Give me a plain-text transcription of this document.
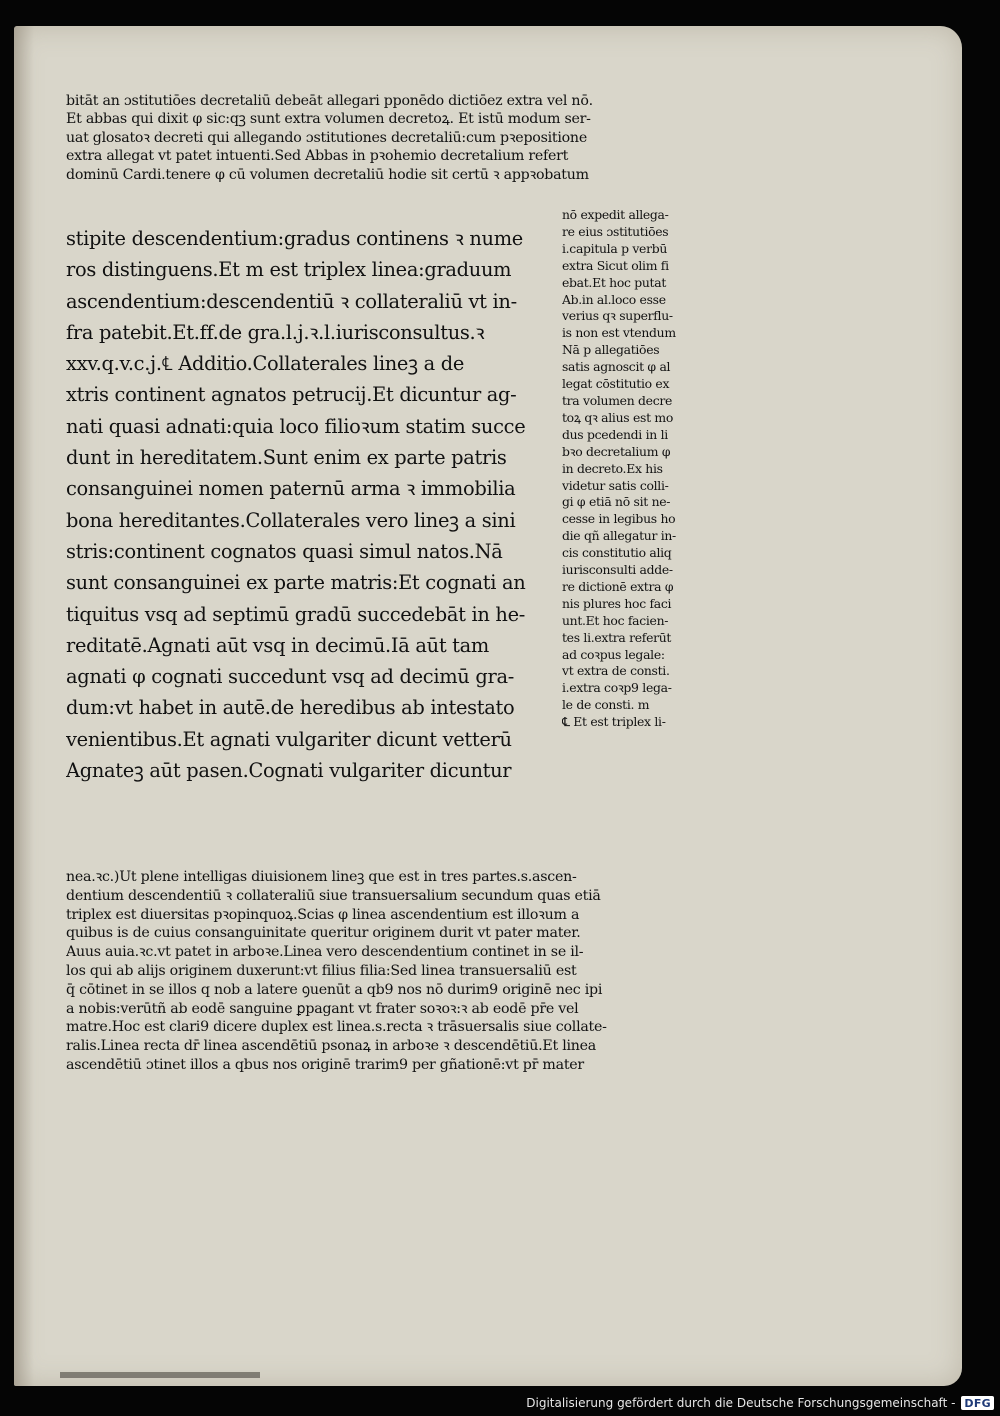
bitāt an ɔstitutiōes decretaliū debeāt allegari pponēdo dictiōez extra vel nō.
Et abbas qui dixit φ sic:qꝫ sunt extra volumen decretoꝝ. Et istū modum ser-
uat glosatoꝛ decreti qui allegando ɔstitutiones decretaliū:cum pꝛepositione
extra allegat vt patet intuenti.Sed Abbas in pꝛohemio decretalium refert
dominū Cardi.tenere φ cū volumen decretaliū hodie sit certū ꝛ appꝛobatum
stipite descendentium:gradus continens ꝛ nume
ros distinguens.Et m est triplex linea:graduum
ascendentium:descendentiū ꝛ collateraliū vt in-
fra patebit.Et.ff.de gra.l.j.ꝛ.l.iurisconsultus.ꝛ
xxv.q.v.c.j.℄ Additio.Collaterales lineꝫ a de
xtris continent agnatos petrucij.Et dicuntur ag-
nati quasi adnati:quia loco filioꝛum statim succe
dunt in hereditatem.Sunt enim ex parte patris
consanguinei nomen paternū arma ꝛ immobilia
bona hereditantes.Collaterales vero lineꝫ a sini
stris:continent cognatos quasi simul natos.Nā
sunt consanguinei ex parte matris:Et cognati an
tiquitus vsq ad septimū gradū succedebāt in he-
reditatē.Agnati aūt vsq in decimū.Iā aūt tam
agnati φ cognati succedunt vsq ad decimū gra-
dum:vt habet in autē.de heredibus ab intestato
venientibus.Et agnati vulgariter dicunt vetterū
Agnateꝫ aūt pasen.Cognati vulgariter dicuntur
nō expedit allega-
re eius ɔstitutiōes
i.capitula p verbū
extra Sicut olim fi
ebat.Et hoc putat
Ab.in al.loco esse
verius qꝛ superflu-
is non est vtendum
Nā p allegatiōes
satis agnoscit φ al
legat cōstitutio ex
tra volumen decre
toꝝ qꝛ alius est mo
dus pcedendi in li
bꝛo decretalium φ
in decreto.Ex his
videtur satis colli-
gi φ etiā nō sit ne-
cesse in legibus ho
die qñ allegatur in-
cis constitutio aliq
iurisconsulti adde-
re dictionē extra φ
nis plures hoc faci
unt.Et hoc facien-
tes li.extra referūt
ad coꝛpus legale:
vt extra de consti.
i.extra coꝛp9 lega-
le de consti. m
℄ Et est triplex li-
nea.ꝛc.)Ut plene intelligas diuisionem lineꝫ que est in tres partes.s.ascen-
dentium descendentiū ꝛ collateraliū siue transuersalium secundum quas etiā
triplex est diuersitas pꝛopinquoꝝ.Scias φ linea ascendentium est illoꝛum a
quibus is de cuius consanguinitate queritur originem durit vt pater mater.
Auus auia.ꝛc.vt patet in arboꝛe.Linea vero descendentium continet in se il-
los qui ab alijs originem duxerunt:vt filius filia:Sed linea transuersaliū est
q̄ cōtinet in se illos q nob a latere ꝯuenūt a qb9 nos nō durim9 originē nec ipi
a nobis:verūtñ ab eodē sanguine ꝑpagant vt frater soꝛoꝛ:ꝛ ab eodē pr̄e vel
matre.Hoc est clari9 dicere duplex est linea.s.recta ꝛ trāsuersalis siue collate-
ralis.Linea recta dr̄ linea ascendētiū psonaꝝ in arboꝛe ꝛ descendētiū.Et linea
ascendētiū ɔtinet illos a qbus nos originē trarim9 per gñationē:vt pr̄ mater
Digitalisierung gefördert durch die Deutsche Forschungsgemeinschaft - DFG
